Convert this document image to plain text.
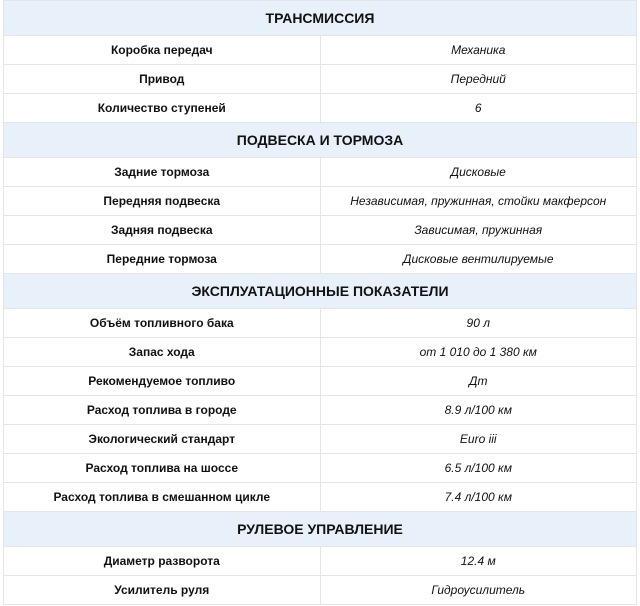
ТРАНСМИССИЯ	
Коробка передач	Механика
Привод	Передний
Количество ступеней	6
ПОДВЕСКА И ТОРМОЗА	
Задние тормоза	Дисковые
Передняя подвеска	Независимая, пружинная, стойки макферсон
Задняя подвеска	Зависимая, пружинная
Передние тормоза	Дисковые вентилируемые
ЭКСПЛУАТАЦИОННЫЕ ПОКАЗАТЕЛИ	
Объём топливного бака	90 л
Запас хода	от 1 010 до 1 380 км
Рекомендуемое топливо	Дт
Расход топлива в городе	8.9 л/100 км
Экологический стандарт	Euro iii
Расход топлива на шоссе	6.5 л/100 км
Расход топлива в смешанном цикле	7.4 л/100 км
РУЛЕВОЕ УПРАВЛЕНИЕ	
Диаметр разворота	12.4 м
Усилитель руля	Гидроусилитель
